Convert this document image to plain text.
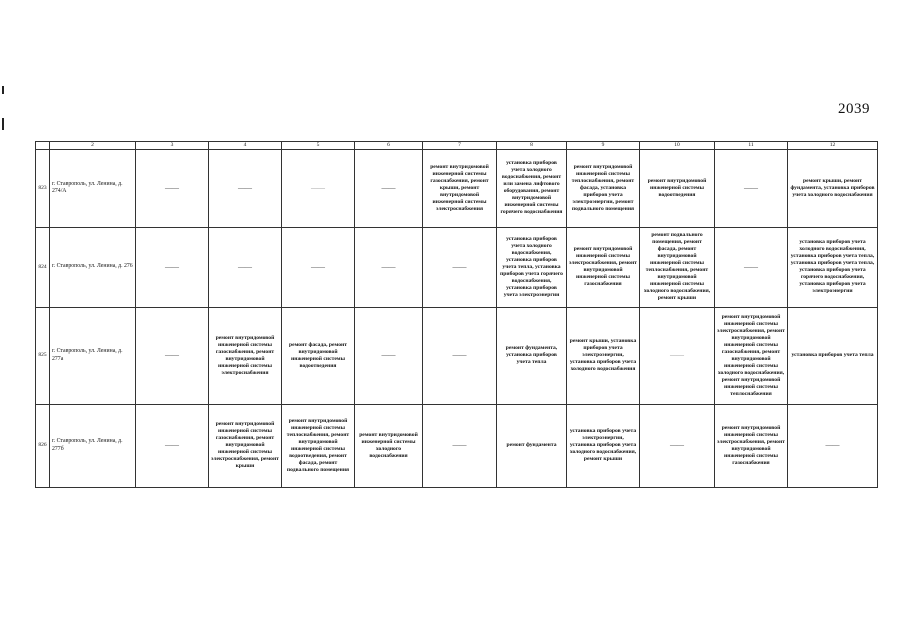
2039
	2	3	4	5	6	7	8	9	10	11	12
823	г. Ставрополь, ул. Ленина, д. 274/А	——	——	——	——	ремонт внутридомовой инженерной системы газоснабжения, ремонт крыши, ремонт внутридомовой инженерной системы электроснабжения	установка приборов учета холодного водоснабжения, ремонт или замена лифтового оборудования, ремонт внутридомовой инженерной системы горячего водоснабжения	ремонт внутридомовой инженерной системы теплоснабжения, ремонт фасада, установка приборов учета электроэнергии, ремонт подвального помещения	ремонт внутридомовой инженерной системы водоотведения	——	ремонт крыши, ремонт фундамента, установка приборов учета холодного водоснабжения
824	г. Ставрополь, ул. Ленина, д. 276	——	——	——	——	——	установка приборов учета холодного водоснабжения, установка приборов учета тепла, установка приборов учета горячего водоснабжения, установка приборов учета электроэнергии	ремонт внутридомовой инженерной системы электроснабжения, ремонт внутридомовой инженерной системы газоснабжения	ремонт подвального помещения, ремонт фасада, ремонт внутридомовой инженерной системы теплоснабжения, ремонт внутридомовой инженерной системы холодного водоснабжения, ремонт крыши	——	установка приборов учета холодного водоснабжения, установка приборов учета тепла, установка приборов учета тепла, установка приборов учета горячего водоснабжения, установка приборов учета электроэнергии
825	г. Ставрополь, ул. Ленина, д. 277а	——	ремонт внутридомовой инженерной системы газоснабжения, ремонт внутридомовой инженерной системы электроснабжения	ремонт фасада, ремонт внутридомовой инженерной системы водоотведения	——	——	ремонт фундамента, установка приборов учета тепла	ремонт крыши, установка приборов учета электроэнергии, установка приборов учета холодного водоснабжения	——	ремонт внутридомовой инженерной системы электроснабжения, ремонт внутридомовой инженерной системы газоснабжения, ремонт внутридомовой инженерной системы холодного водоснабжения, ремонт внутридомовой инженерной системы теплоснабжения	установка приборов учета тепла
826	г. Ставрополь, ул. Ленина, д. 277б	——	ремонт внутридомовой инженерной системы газоснабжения, ремонт внутридомовой инженерной системы электроснабжения, ремонт крыши	ремонт внутридомовой инженерной системы теплоснабжения, ремонт внутридомовой инженерной системы водоотведения, ремонт фасада, ремонт подвального помещения	ремонт внутридомовой инженерной системы холодного водоснабжения	——	ремонт фундамента	установка приборов учета электроэнергии, установка приборов учета холодного водоснабжения, ремонт крыши	——	ремонт внутридомовой инженерной системы электроснабжения, ремонт внутридомовой инженерной системы газоснабжения	——
